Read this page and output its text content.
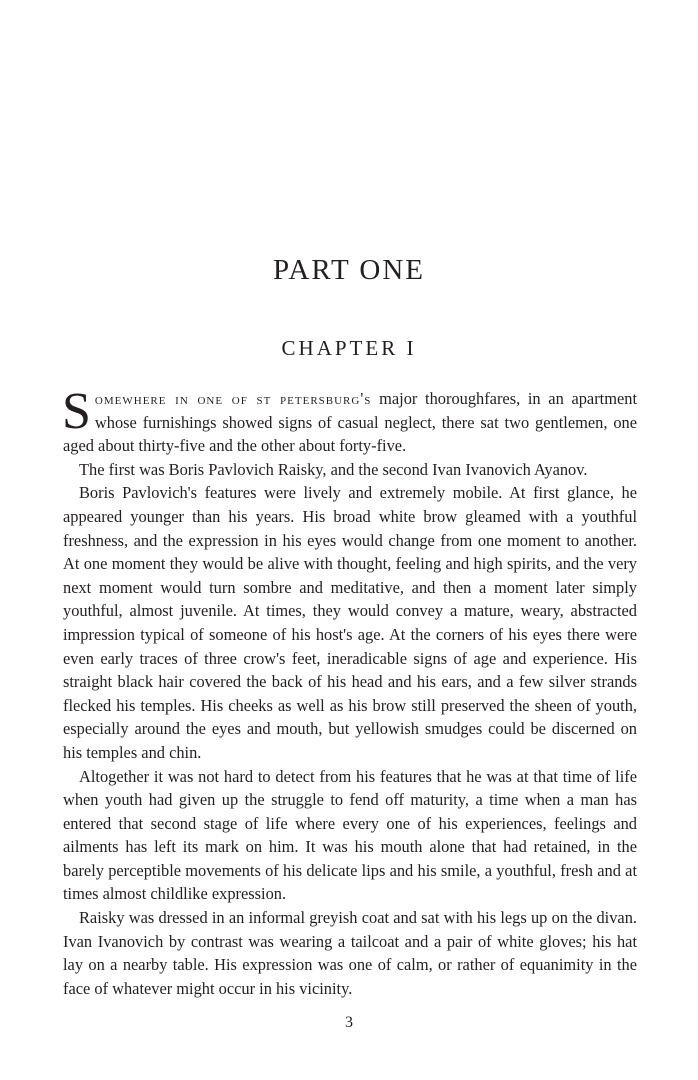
PART ONE
CHAPTER I

Somewhere in one of st petersburg's major thoroughfares, in an apartment whose furnishings showed signs of casual neglect, there sat two gentlemen, one aged about thirty-five and the other about forty-five.

The first was Boris Pavlovich Raisky, and the second Ivan Ivanovich Ayanov.

Boris Pavlovich's features were lively and extremely mobile. At first glance, he appeared younger than his years. His broad white brow gleamed with a youthful freshness, and the expression in his eyes would change from one moment to another. At one moment they would be alive with thought, feeling and high spirits, and the very next moment would turn sombre and meditative, and then a moment later simply youthful, almost juvenile. At times, they would convey a mature, weary, abstracted impression typical of someone of his host's age. At the corners of his eyes there were even early traces of three crow's feet, ineradicable signs of age and experience. His straight black hair covered the back of his head and his ears, and a few silver strands flecked his temples. His cheeks as well as his brow still preserved the sheen of youth, especially around the eyes and mouth, but yellowish smudges could be discerned on his temples and chin.

Altogether it was not hard to detect from his features that he was at that time of life when youth had given up the struggle to fend off maturity, a time when a man has entered that second stage of life where every one of his experiences, feelings and ailments has left its mark on him. It was his mouth alone that had retained, in the barely perceptible movements of his delicate lips and his smile, a youthful, fresh and at times almost childlike expression.

Raisky was dressed in an informal greyish coat and sat with his legs up on the divan. Ivan Ivanovich by contrast was wearing a tailcoat and a pair of white gloves; his hat lay on a nearby table. His expression was one of calm, or rather of equanimity in the face of whatever might occur in his vicinity.

3
